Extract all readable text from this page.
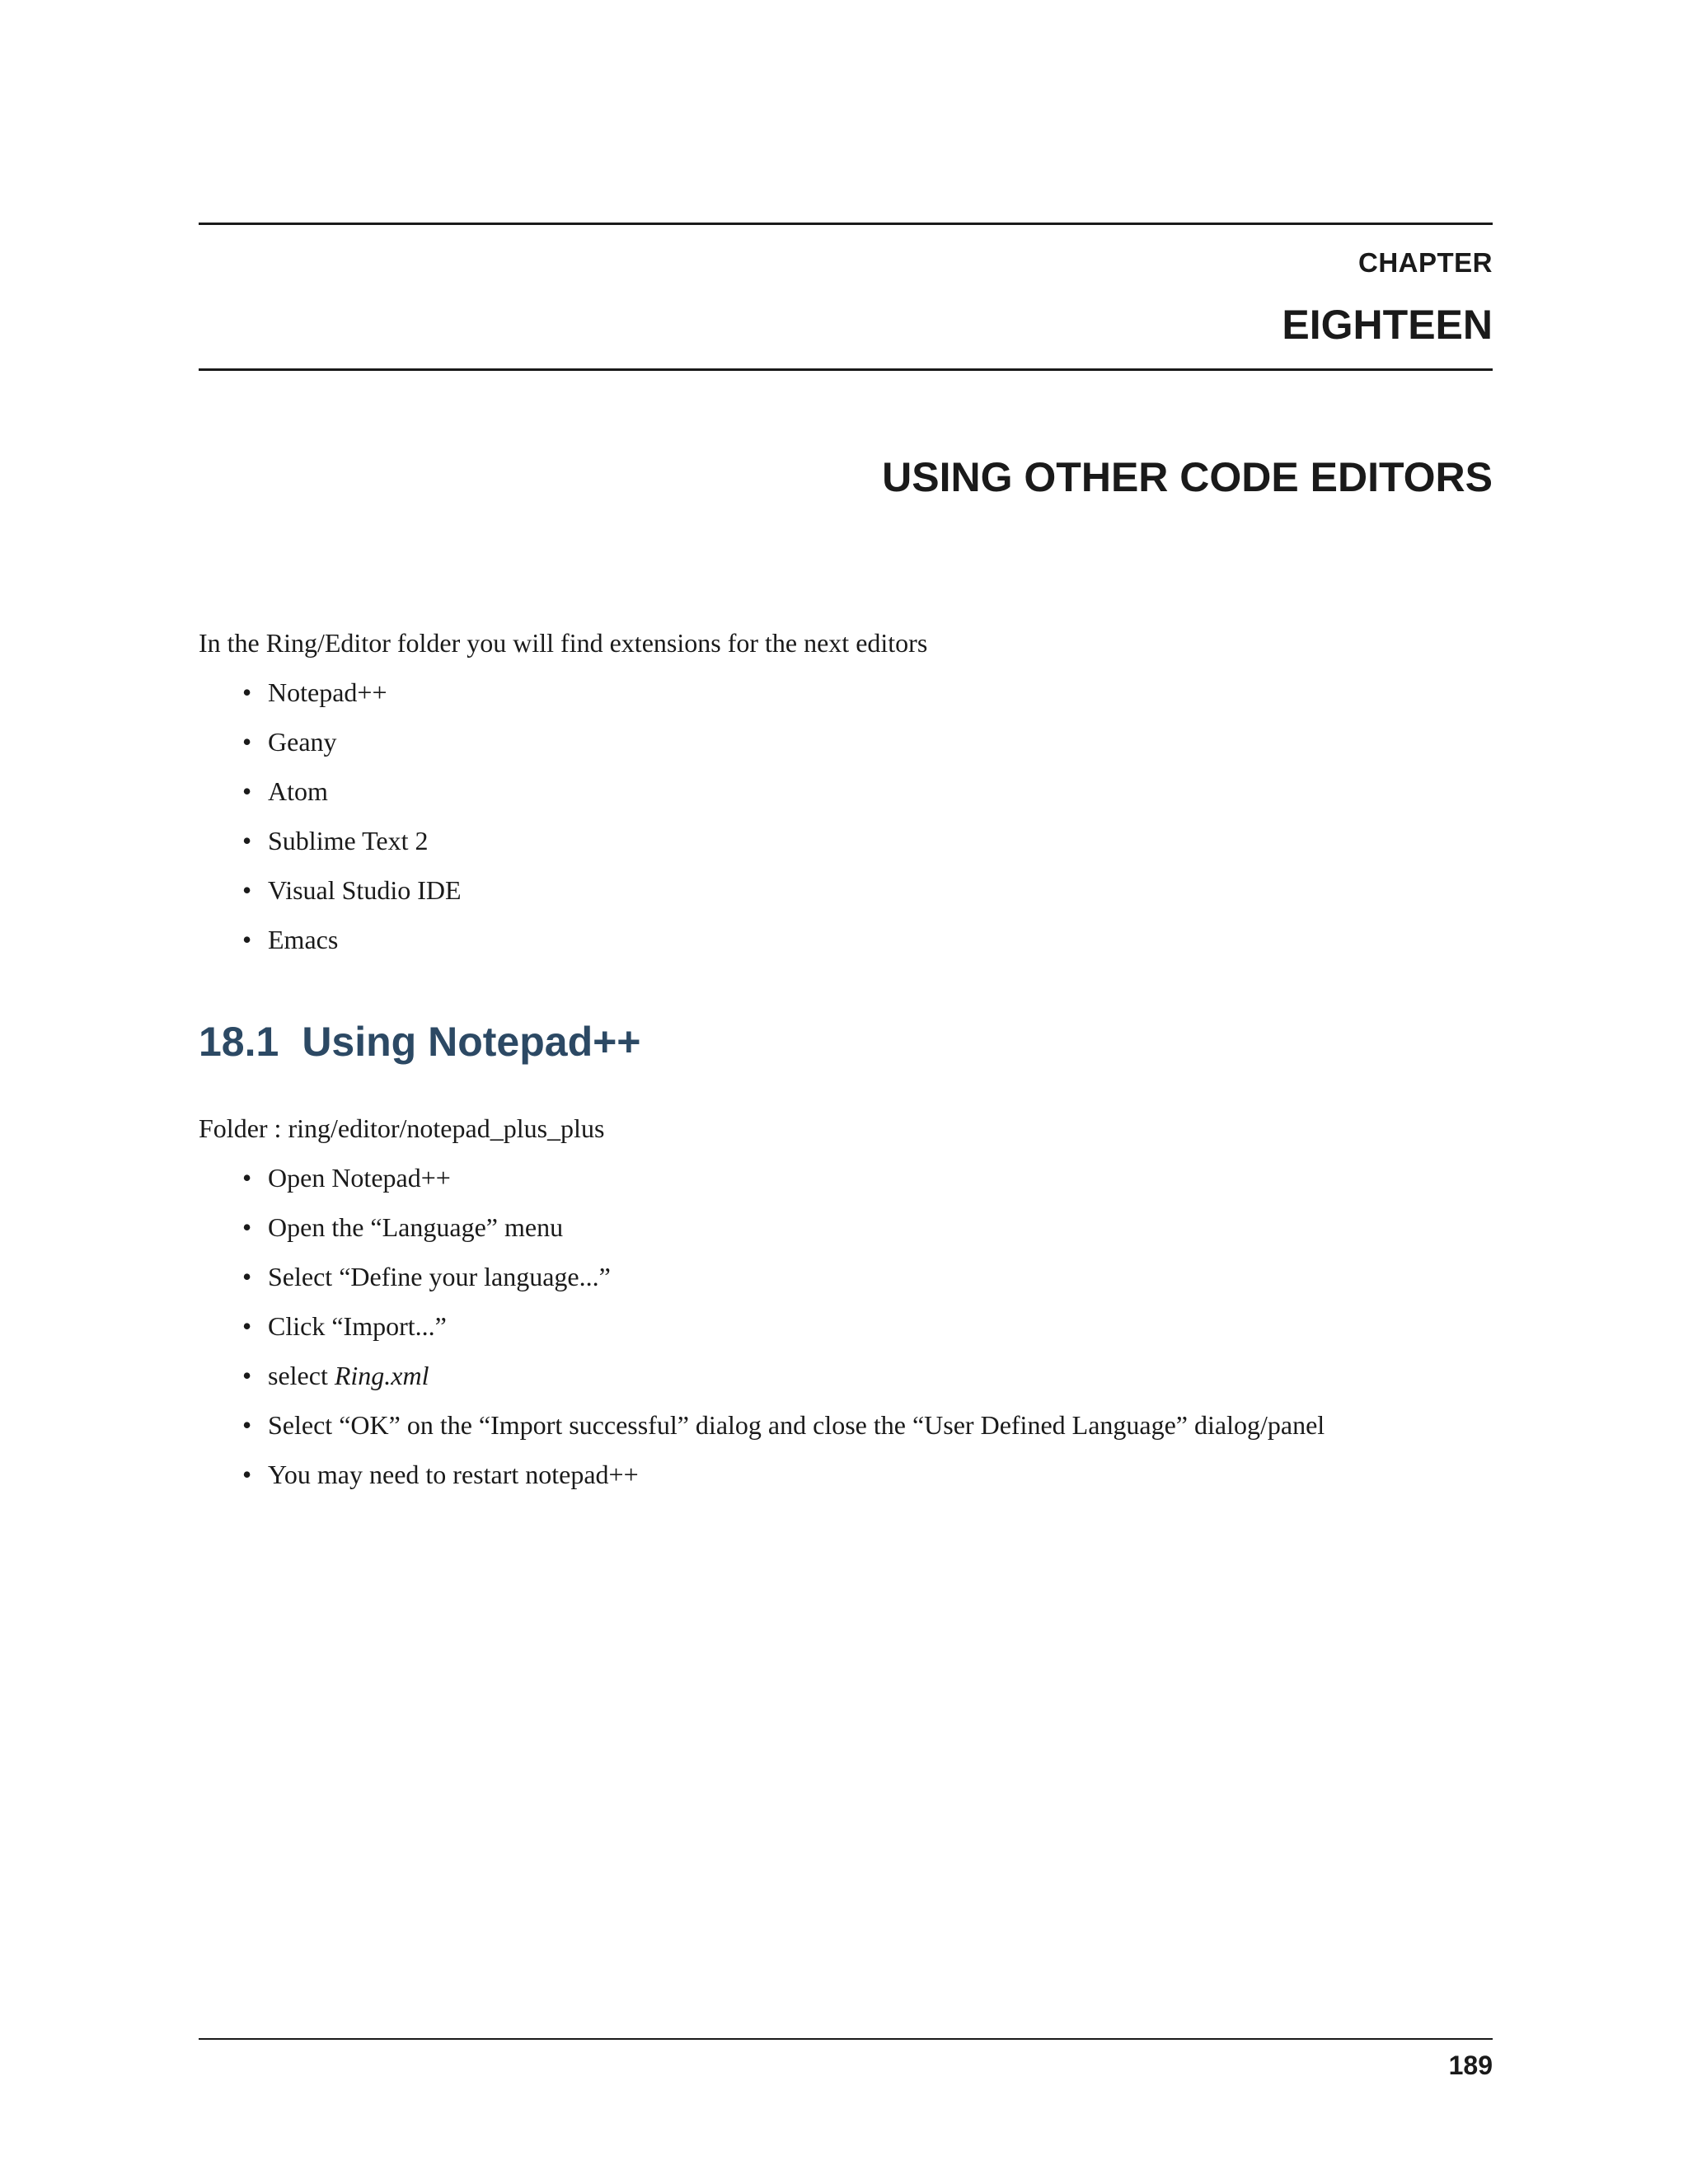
CHAPTER
EIGHTEEN
USING OTHER CODE EDITORS
In the Ring/Editor folder you will find extensions for the next editors
• Notepad++
• Geany
• Atom
• Sublime Text 2
• Visual Studio IDE
• Emacs
18.1 Using Notepad++
Folder : ring/editor/notepad_plus_plus
• Open Notepad++
• Open the “Language” menu
• Select “Define your language...”
• Click “Import...”
• select Ring.xml
• Select “OK” on the “Import successful” dialog and close the “User Defined Language” dialog/panel
• You may need to restart notepad++
189
